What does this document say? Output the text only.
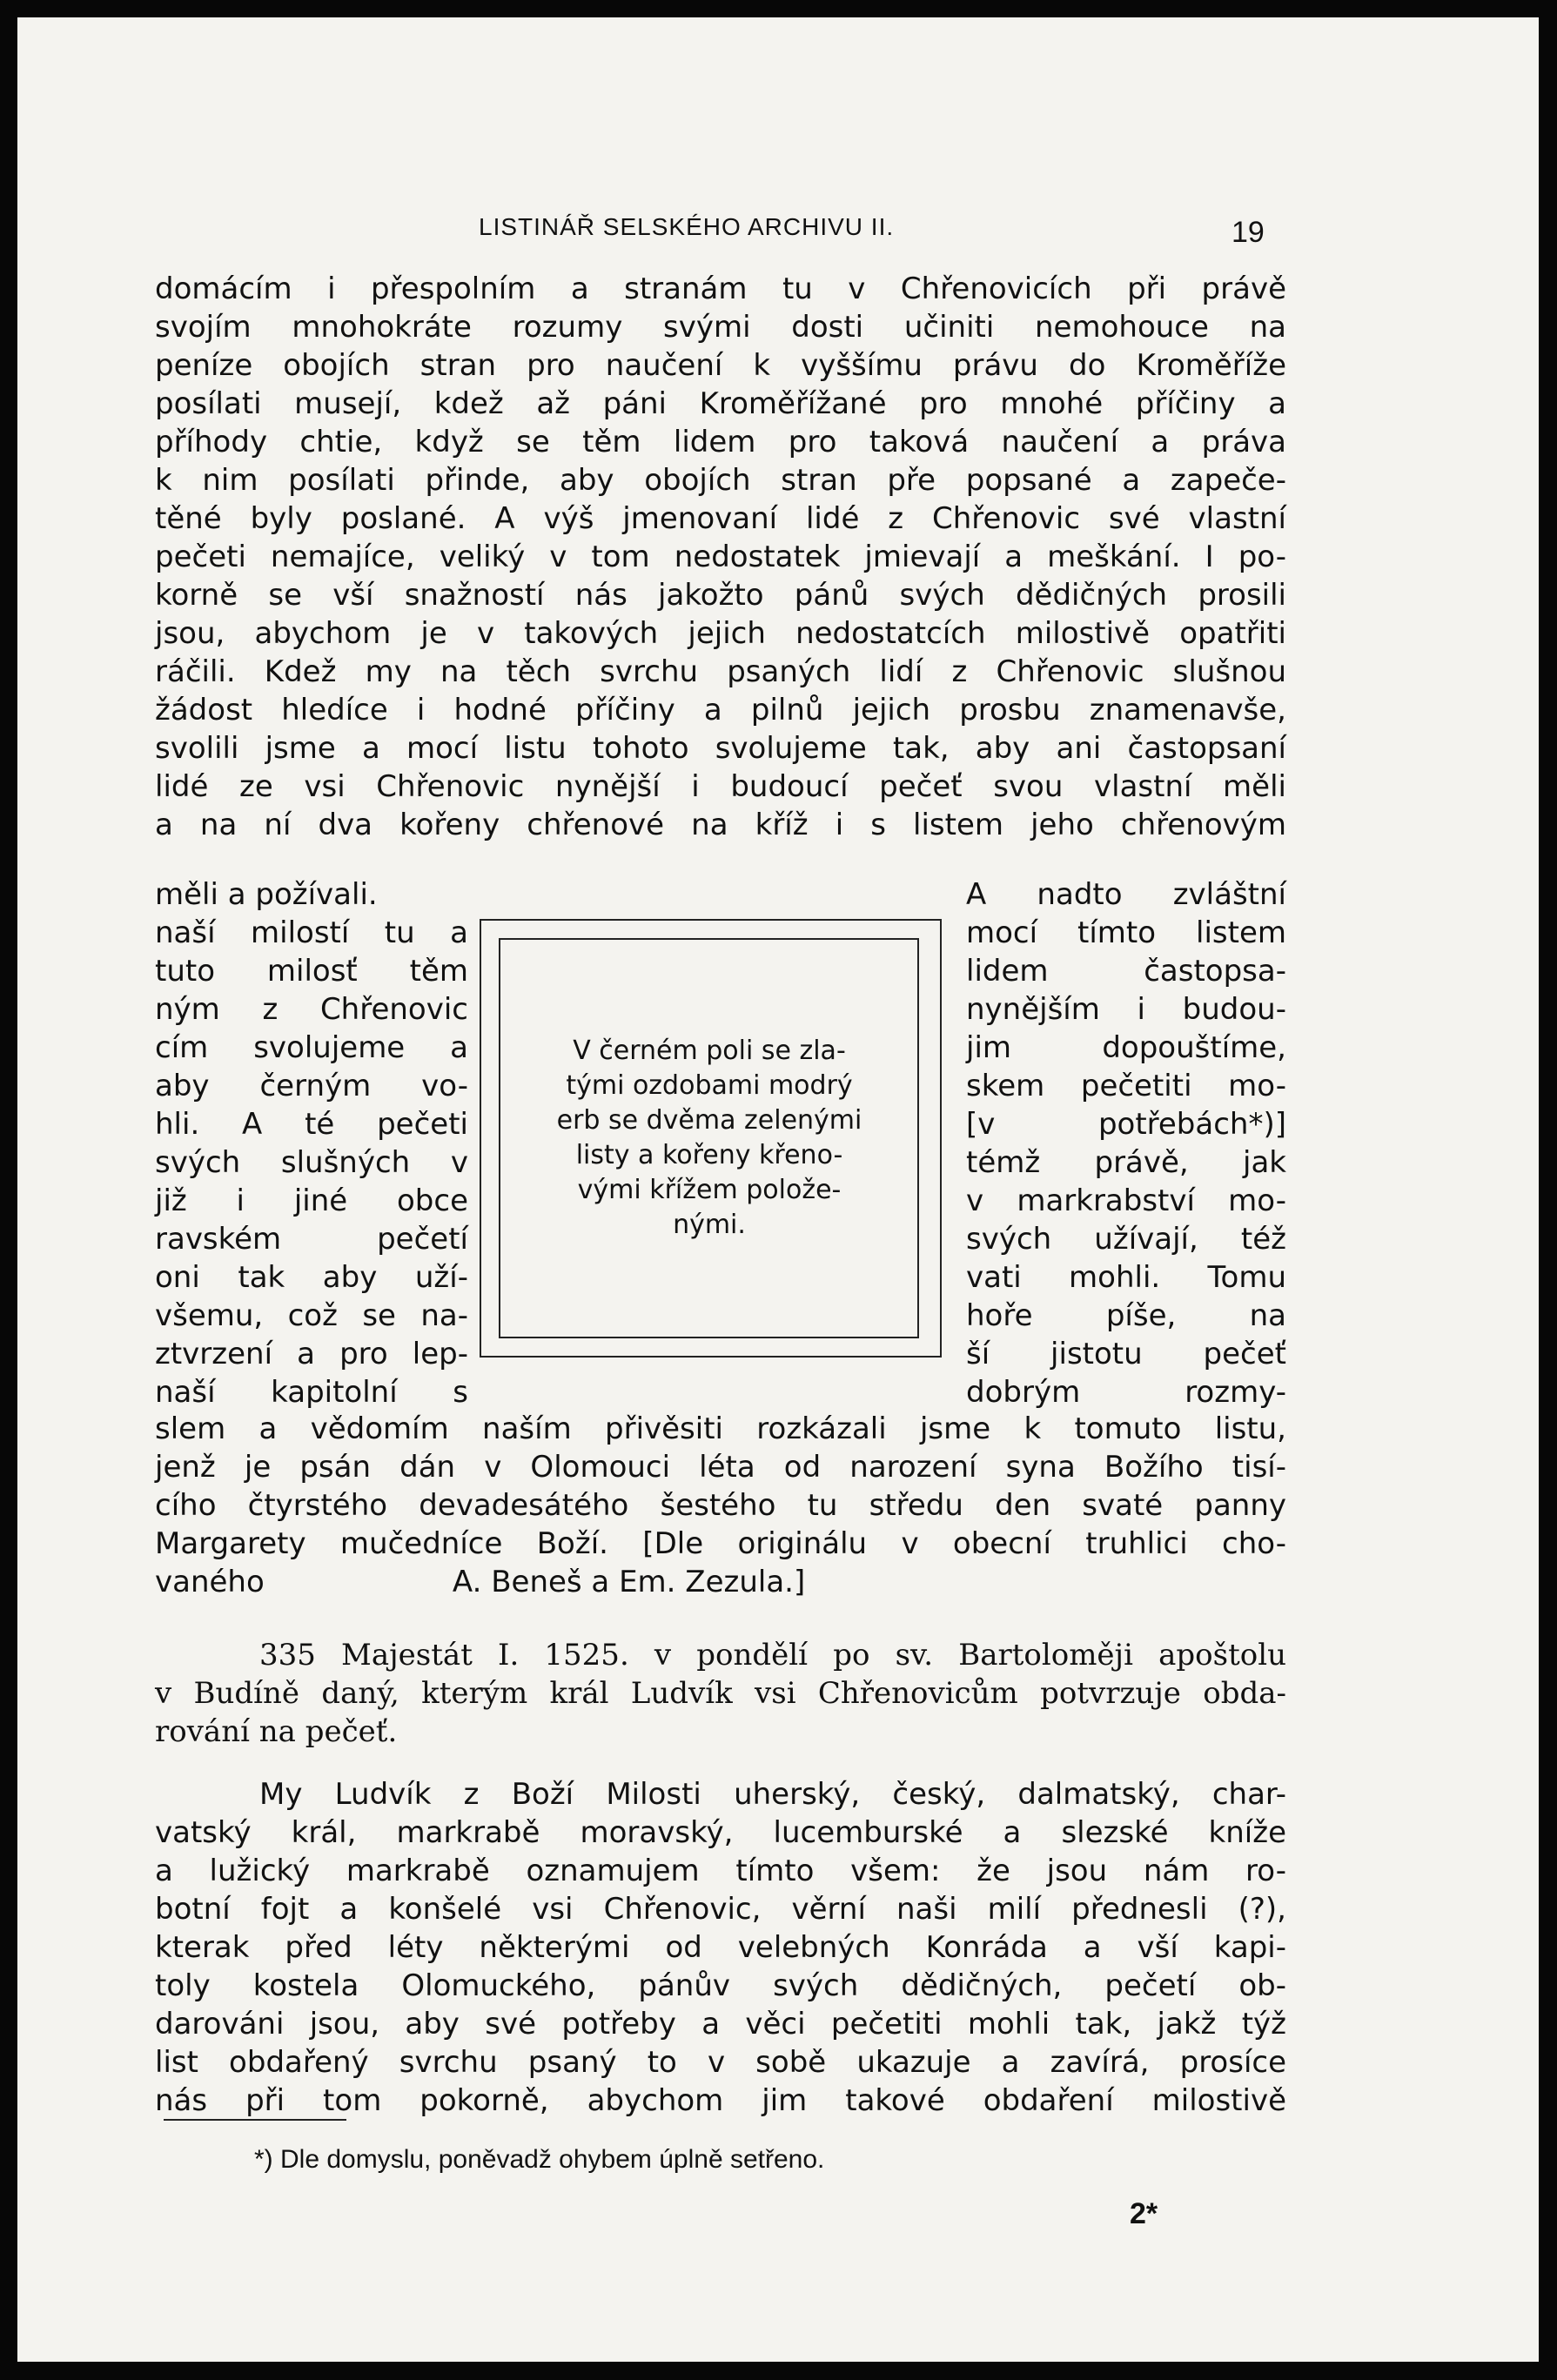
LISTINÁŘ SELSKÉHO ARCHIVU II.	19
domácím i přespolním a stranám tu v Chřenovicích při právě
svojím mnohokráte rozumy svými dosti učiniti nemohouce na
peníze obojích stran pro naučení k vyššímu právu do Kroměříže
posílati musejí, kdež až páni Kroměřížané pro mnohé příčiny a
příhody chtie, když se těm lidem pro taková naučení a práva
k nim posílati přinde, aby obojích stran pře popsané a zapeče-
těné byly poslané. A výš jmenovaní lidé z Chřenovic své vlastní
pečeti nemajíce, veliký v tom nedostatek jmievají a meškání. I po-
korně se vší snažností nás jakožto pánů svých dědičných prosili
jsou, abychom je v takových jejich nedostatcích milostivě opatřiti
ráčili. Kdež my na těch svrchu psaných lidí z Chřenovic slušnou
žádost hledíce i hodné příčiny a pilnů jejich prosbu znamenavše,
svolili jsme a mocí listu tohoto svolujeme tak, aby ani častopsaní
lidé ze vsi Chřenovic nynější i budoucí pečeť svou vlastní měli
a na ní dva kořeny chřenové na kříž i s listem jeho chřenovým
měli a požívali.
naší milostí tu a
tuto milosť těm
ným z Chřenovic
cím svolujeme a
aby černým vo-
hli. A té pečeti
svých slušných v
již i jiné obce
ravském pečetí
oni tak aby uží-
všemu, což se na-
ztvrzení a pro lep-
naší kapitolní s
V černém poli se zla-
tými ozdobami modrý
erb se dvěma zelenými
listy a kořeny křeno-
vými křížem polože-
nými.
A nadto zvláštní
mocí tímto listem
lidem častopsa-
nynějším i budou-
jim dopouštíme,
skem pečetiti mo-
[v potřebách*)]
témž právě, jak
v markrabství mo-
svých užívají, též
vati mohli. Tomu
hoře píše, na
ší jistotu pečeť
dobrým rozmy-
slem a vědomím naším přivěsiti rozkázali jsme k tomuto listu,
jenž je psán dán v Olomouci léta od narození syna Božího tisí-
cího čtyrstého devadesátého šestého tu středu den svaté panny
Margarety mučedníce Boží. [Dle originálu v obecní truhlici cho-
vaného                    A. Beneš a Em. Zezula.]
335 Majestát I. 1525. v pondělí po sv. Bartoloměji apoštolu
v Budíně daný, kterým král Ludvík vsi Chřenovicům potvrzuje obda-
rování na pečeť.
My Ludvík z Boží Milosti uherský, český, dalmatský, char-
vatský král, markrabě moravský, lucemburské a slezské kníže
a lužický markrabě oznamujem tímto všem: že jsou nám ro-
botní fojt a konšelé vsi Chřenovic, věrní naši milí přednesli (?),
kterak před léty některými od velebných Konráda a vší kapi-
toly kostela Olomuckého, pánův svých dědičných, pečetí ob-
darováni jsou, aby své potřeby a věci pečetiti mohli tak, jakž týž
list obdařený svrchu psaný to v sobě ukazuje a zavírá, prosíce
nás při tom pokorně, abychom jim takové obdaření milostivě
*) Dle domyslu, poněvadž ohybem úplně setřeno.
2*
